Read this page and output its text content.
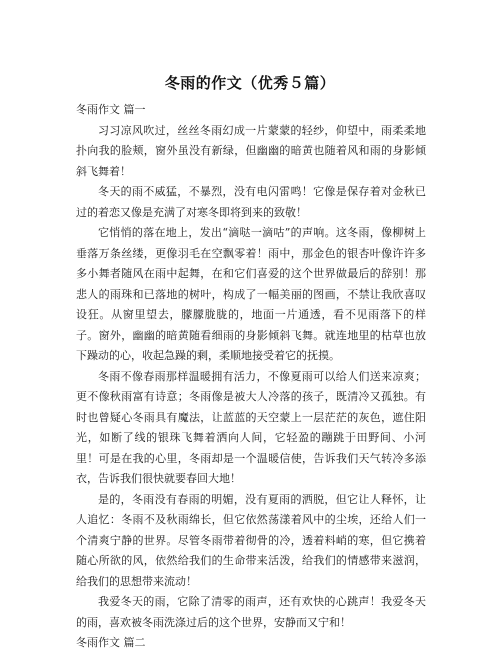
冬雨的作文（优秀５篇）
冬雨作文 篇一

习习凉风吹过，丝丝冬雨幻成一片蒙蒙的轻纱，仰望中，雨柔柔地扑向我的脸颊，窗外虽没有新绿，但幽幽的暗黄也随着风和雨的身影倾斜飞舞着！

冬天的雨不威猛，不暴烈，没有电闪雷鸣！它像是保存着对金秋已过的着恋又像是充满了对寒冬即将到来的致敬！

它悄悄的落在地上，发出“滴哒一滴咕”的声响。这冬雨，像柳树上垂落万条丝缕，更像羽毛在空飘零着！雨中，那金色的银杏叶像许许多多小舞者随风在雨中起舞，在和它们喜爱的这个世界做最后的辞别！那悲人的雨珠和已落地的树叶，构成了一幅美丽的图画，不禁让我欣喜叹设狂。从窗里望去，朦朦胧胧的，地面一片通透，看不见雨落下的样子。窗外，幽幽的暗黄随看细雨的身影倾斜飞舞。就连地里的枯草也放下躁动的心，收起急躁的剩，柔顺地接受着它的抚摸。

冬雨不像春雨那样温暖拥有活力，不像夏雨可以给人们送来凉爽；更不像秋雨富有诗意；冬雨像是被大人冷落的孩子，既清冷又孤独。有时也曾疑心冬雨具有魔法，让蓝蓝的天空蒙上一层茫茫的灰色，遮住阳光，如断了线的银珠飞舞着洒向人间，它轻盈的蹦跳于田野间、小河里！可是在我的心里，冬雨却是一个温暖信使，告诉我们天气转冷多添衣，告诉我们很快就要春回大地！

是的，冬雨没有春雨的明媚，没有夏雨的洒脱，但它让人释怀，让人追忆：冬雨不及秋雨绵长，但它依然荡漾着风中的尘埃，还给人们一个清爽宁静的世界。尽管冬雨带着彻骨的冷，透着料峭的寒，但它携着随心所欲的风，依然给我们的生命带来活泼，给我们的情感带来滋润，给我们的思想带来流动！

我爱冬天的雨，它除了清零的雨声，还有欢快的心跳声！我爱冬天的雨，喜欢被冬雨洗涤过后的这个世界，安静而又宁和！

冬雨作文 篇二
